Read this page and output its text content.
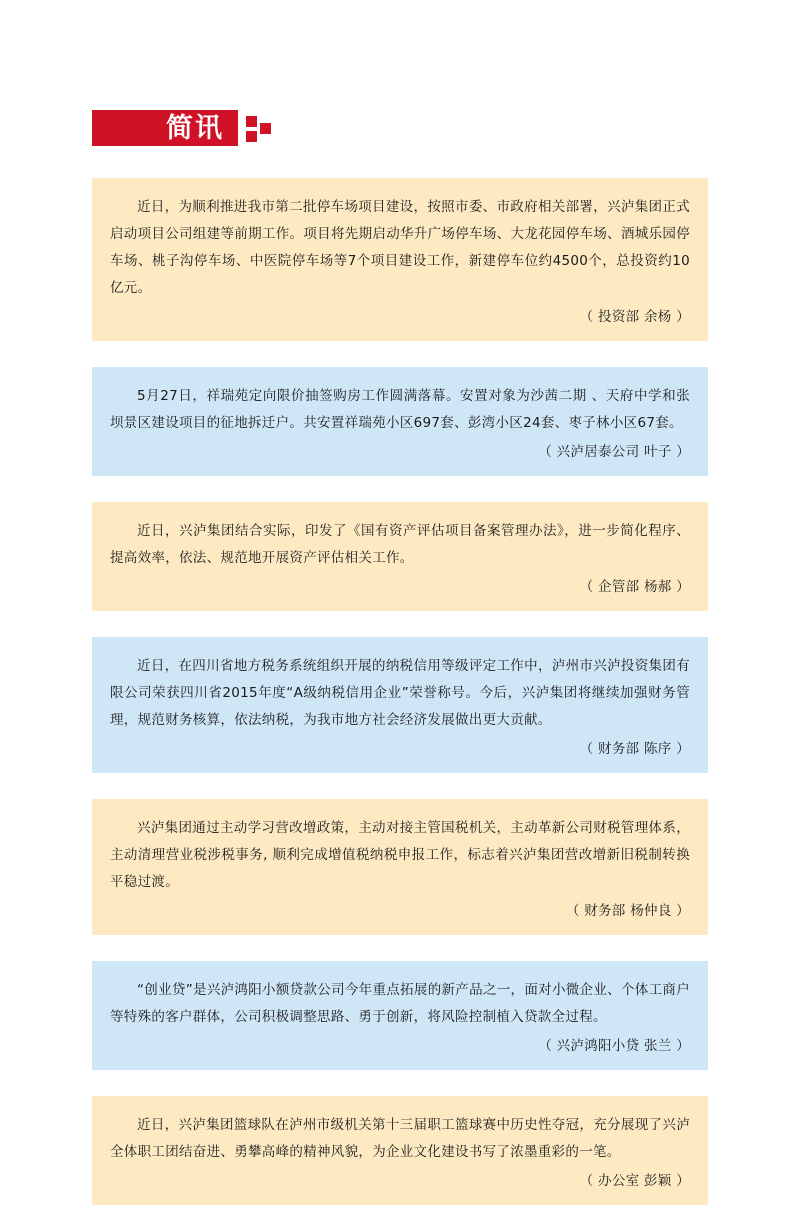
简讯
近日，为顺利推进我市第二批停车场项目建设，按照市委、市政府相关部署，兴泸集团正式启动项目公司组建等前期工作。项目将先期启动华升广场停车场、大龙花园停车场、酒城乐园停车场、桃子沟停车场、中医院停车场等7个项目建设工作，新建停车位约4500个，总投资约10亿元。
（ 投资部 余杨 ）
5月27日，祥瑞苑定向限价抽签购房工作圆满落幕。安置对象为沙茜二期 、天府中学和张坝景区建设项目的征地拆迁户。共安置祥瑞苑小区697套、彭湾小区24套、枣子林小区67套。
（ 兴泸居泰公司 叶子 ）
近日，兴泸集团结合实际，印发了《国有资产评估项目备案管理办法》，进一步简化程序、提高效率，依法、规范地开展资产评估相关工作。
（ 企管部 杨郝 ）
近日，在四川省地方税务系统组织开展的纳税信用等级评定工作中，泸州市兴泸投资集团有限公司荣获四川省2015年度“A级纳税信用企业”荣誉称号。今后，兴泸集团将继续加强财务管理，规范财务核算，依法纳税，为我市地方社会经济发展做出更大贡献。
（ 财务部 陈序 ）
兴泸集团通过主动学习营改增政策，主动对接主管国税机关，主动革新公司财税管理体系，主动清理营业税涉税事务, 顺利完成增值税纳税申报工作，标志着兴泸集团营改增新旧税制转换平稳过渡。
（ 财务部 杨仲良 ）
“创业贷”是兴泸鸿阳小额贷款公司今年重点拓展的新产品之一，面对小微企业、个体工商户等特殊的客户群体，公司积极调整思路、勇于创新，将风险控制植入贷款全过程。
（ 兴泸鸿阳小贷 张兰 ）
近日，兴泸集团篮球队在泸州市级机关第十三届职工篮球赛中历史性夺冠，充分展现了兴泸全体职工团结奋进、勇攀高峰的精神风貌，为企业文化建设书写了浓墨重彩的一笔。
（ 办公室 彭颖 ）
